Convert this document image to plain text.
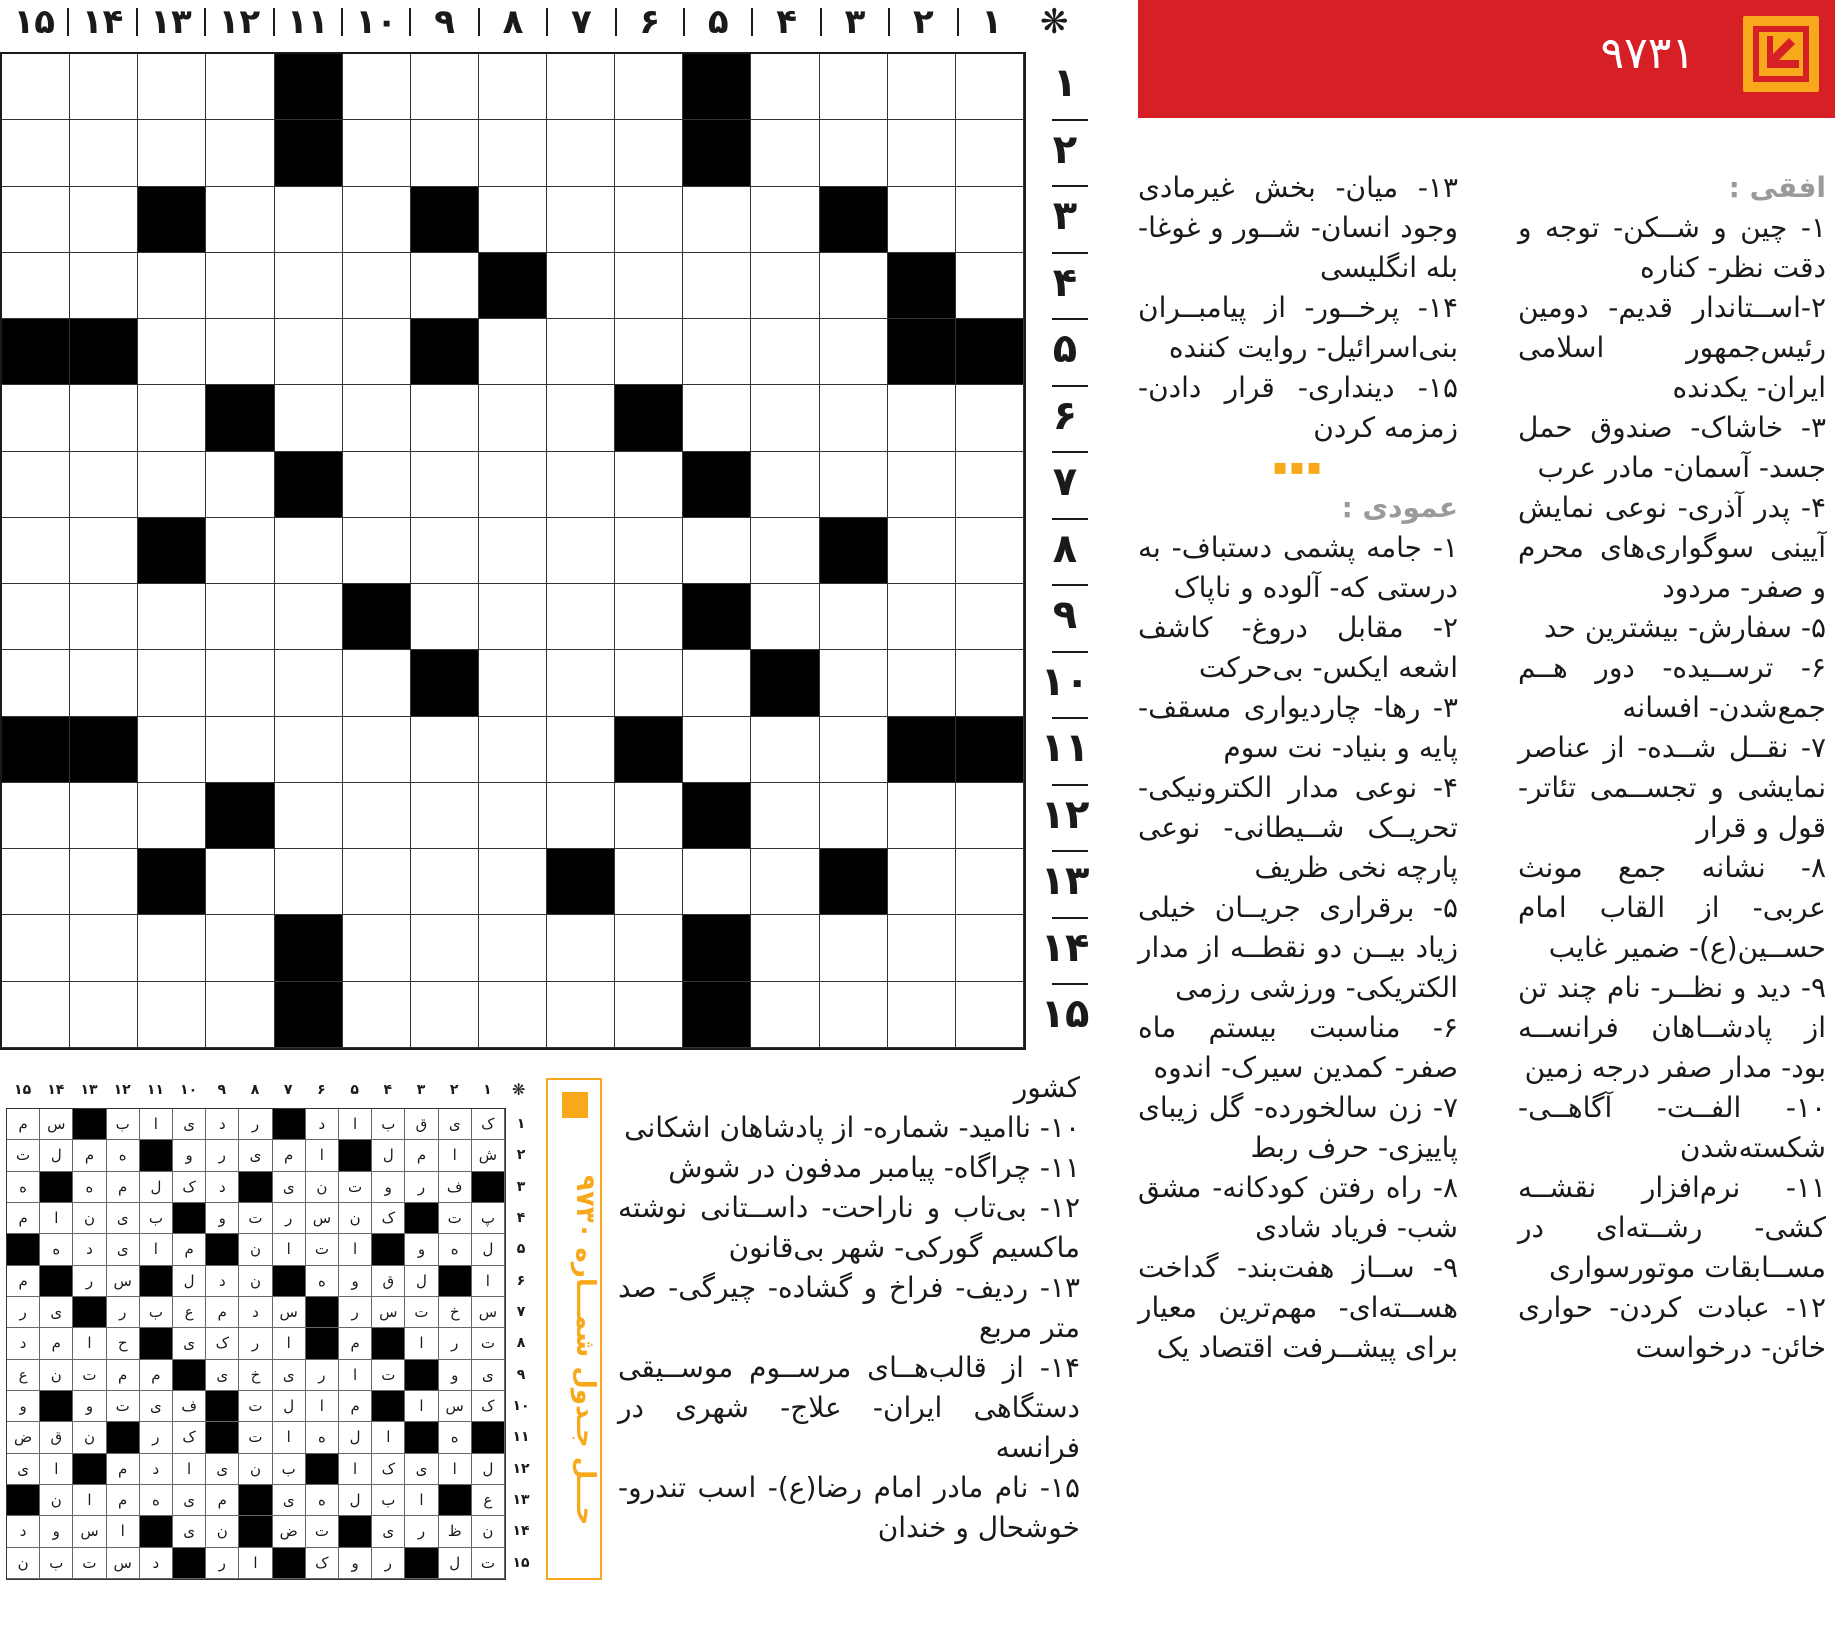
۱۵ ۱۴ ۱۳ ۱۲ ۱۱ ۱۰	۹	۸	۷	۶	۵	۴	۳	۲	۱	❋
۱
۲
۳
۴
۵
۶
۷
۸
۹
۱۰
۱۱
۱۲
۱۳
۱۴
۱۵
۹۷۳۱
افقی :
۱- چین و شــکن- توجه و دقت نظر- کناره
۲-اســتاندار قدیم- دومین رئیس‌جمهور اسلامی ایران- یکدنده
۳- خاشاک- صندوق حمل جسد- آسمان- مادر عرب
۴- پدر آذری- نوعی نمایش آیینی سوگواری‌های محرم و صفر- مردود
۵- سفارش- بیشترین حد
۶- ترســیده- دور هــم جمع‌شدن- افسانه
۷- نقــل شــده- از عناصر نمایشی و تجســمی تئاتر- قول و قرار
۸- نشانه جمع مونث عربی- از القاب امام حســین(ع)- ضمیر غایب
۹- دید و نظــر- نام چند تن از پادشــاهان فرانســه بود- مدار صفر درجه زمین
۱۰- الفــت- آگاهــی- شکسته‌شدن
۱۱- نرم‌افزار نقشــه کشی- رشــته‌ای در مســابقات موتورسواری
۱۲- عبادت کردن- حواری خائن- درخواست
۱۳- میان- بخش غیرمادی وجود انسان- شــور و غوغا- بله انگلیسی
۱۴- پرخــور- از پیامبــران بنی‌اسرائیل- روایت کننده
۱۵- دینداری- قرار دادن- زمزمه کردن
▪▪▪
عمودی :
۱- جامه پشمی دستباف- به درستی که- آلوده و ناپاک
۲- مقابل دروغ- کاشف اشعه ایکس- بی‌حرکت
۳- رها- چاردیواری مسقف- پایه و بنیاد- نت سوم
۴- نوعی مدار الکترونیکی- تحریــک شــیطانی- نوعی پارچه نخی ظریف
۵- برقراری جریــان خیلی زیاد بیــن دو نقطــه از مدار الکتریکی- ورزشی رزمی
۶- مناسبت بیستم ماه صفر- کمدین سیرک- اندوه
۷- زن سالخورده- گل زیبای پاییزی- حرف ربط
۸- راه رفتن کودکانه- مشق شب- فریاد شادی
۹- ســاز هفت‌بند- گداخت هســته‌ای- مهم‌ترین معیار برای پیشــرفت اقتصاد یک
کشور
۱۰- ناامید- شماره- از پادشاهان اشکانی
۱۱- چراگاه- پیامبر مدفون در شوش
۱۲- بی‌تاب و ناراحت- داســتانی نوشته ماکسیم گورکی- شهر بی‌قانون
۱۳- ردیف- فراخ و گشاده- چیرگی- صد متر مربع
۱۴- از قالب‌هــای مرســوم موســیقی دستگاهی ایران- علاج- شهری در فرانسه
۱۵- نام مادر امام رضا(ع)- اسب تندرو- خوشحال و خندان
حـــل جـدول شمـــاره ۹۷۳۰
۱۵	۱۴	۱۳	۱۲	۱۱	۱۰	۹	۸	۷	۶	۵	۴	۳	۲	۱	❋
ک
ی
ق
ب
ا
د
ر
د
ی
ا
ب
س
م
ش
ا
م
ل
ا
م
ی
ر
و
ه
م
ل
ت
ف
ر
و
ت
ن
ی
د
ک
ل
م
ه
ه
پ
ت
ک
ن
س
ر
ت
و
ب
ی
ن
ا
م
ل
ه
و
ا
ت
ا
ن
م
ا
ی
د
ه
ا
ل
ق
و
ه
ن
د
ل
س
ر
م
س
خ
ت
س
ر
س
د
م
ع
ب
ر
ی
ر
ت
ر
ا
م
ا
ر
ک
ی
ح
ا
م
د
ی
و
ت
ا
ر
ی
خ
ی
م
م
ت
ن
ع
ک
س
ا
م
ا
ل
ت
ف
ی
ت
و
و
ه
ا
ل
ه
ا
ت
ک
ر
ن
ق
ض
ل
ا
ی
ک
ا
ب
ن
ی
ا
د
م
ا
ی
ع
ا
ب
ل
ه
ی
م
ی
ه
م
ا
ن
ن
ظ
ر
ی
ت
ض
ن
ی
ا
س
و
د
ت
ل
ر
و
ک
ا
ر
د
س
ت
ب
ن
۱
۲
۳
۴
۵
۶
۷
۸
۹
۱۰
۱۱
۱۲
۱۳
۱۴
۱۵
